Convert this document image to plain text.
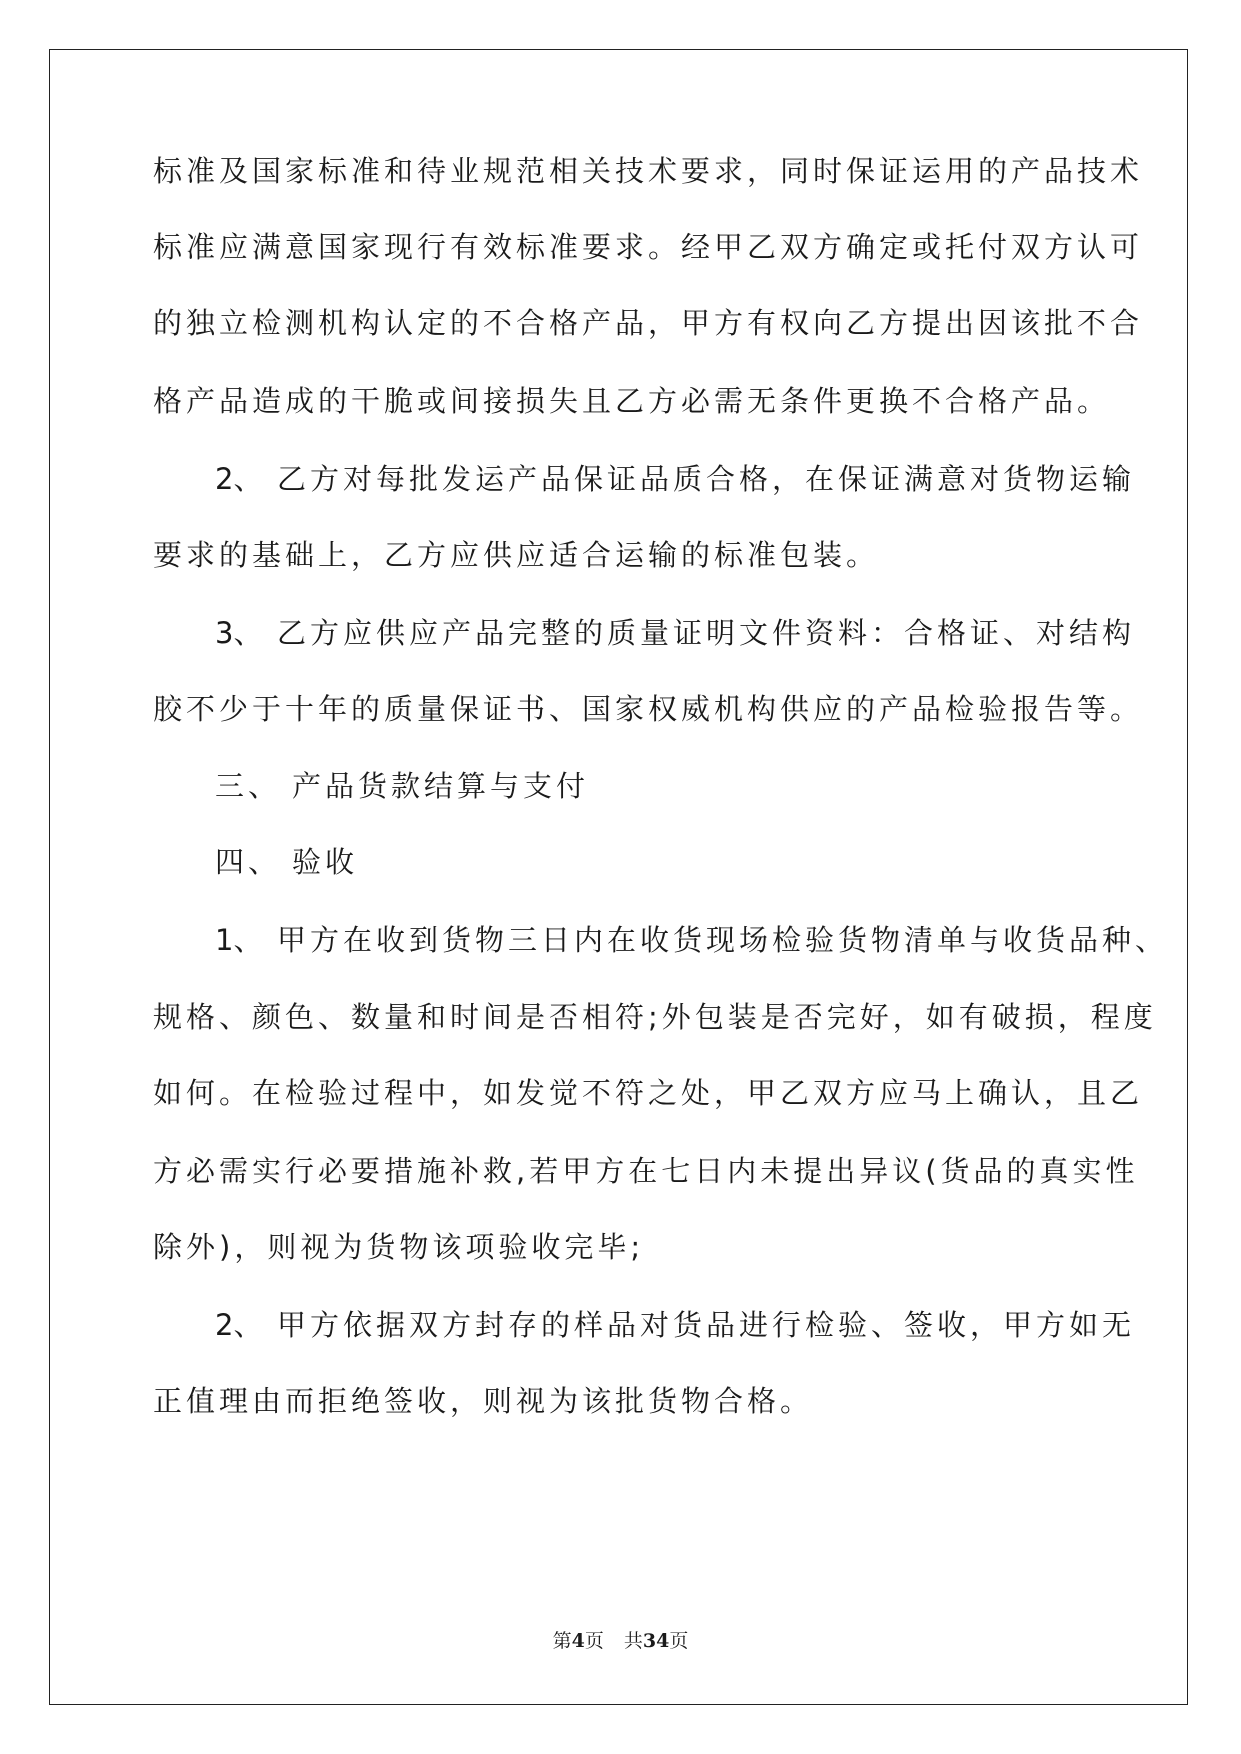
标准及国家标准和待业规范相关技术要求，同时保证运用的产品技术
标准应满意国家现行有效标准要求。经甲乙双方确定或托付双方认可
的独立检测机构认定的不合格产品，甲方有权向乙方提出因该批不合
格产品造成的干脆或间接损失且乙方必需无条件更换不合格产品。
2、 乙方对每批发运产品保证品质合格，在保证满意对货物运输
要求的基础上，乙方应供应适合运输的标准包装。
3、 乙方应供应产品完整的质量证明文件资料：合格证、对结构
胶不少于十年的质量保证书、国家权威机构供应的产品检验报告等。
三、 产品货款结算与支付
四、 验收
1、 甲方在收到货物三日内在收货现场检验货物清单与收货品种、
规格、颜色、数量和时间是否相符;外包装是否完好，如有破损，程度
如何。在检验过程中，如发觉不符之处，甲乙双方应马上确认，且乙
方必需实行必要措施补救,若甲方在七日内未提出异议(货品的真实性
除外)，则视为货物该项验收完毕;
2、 甲方依据双方封存的样品对货品进行检验、签收，甲方如无
正值理由而拒绝签收，则视为该批货物合格。
第4页 共34页
